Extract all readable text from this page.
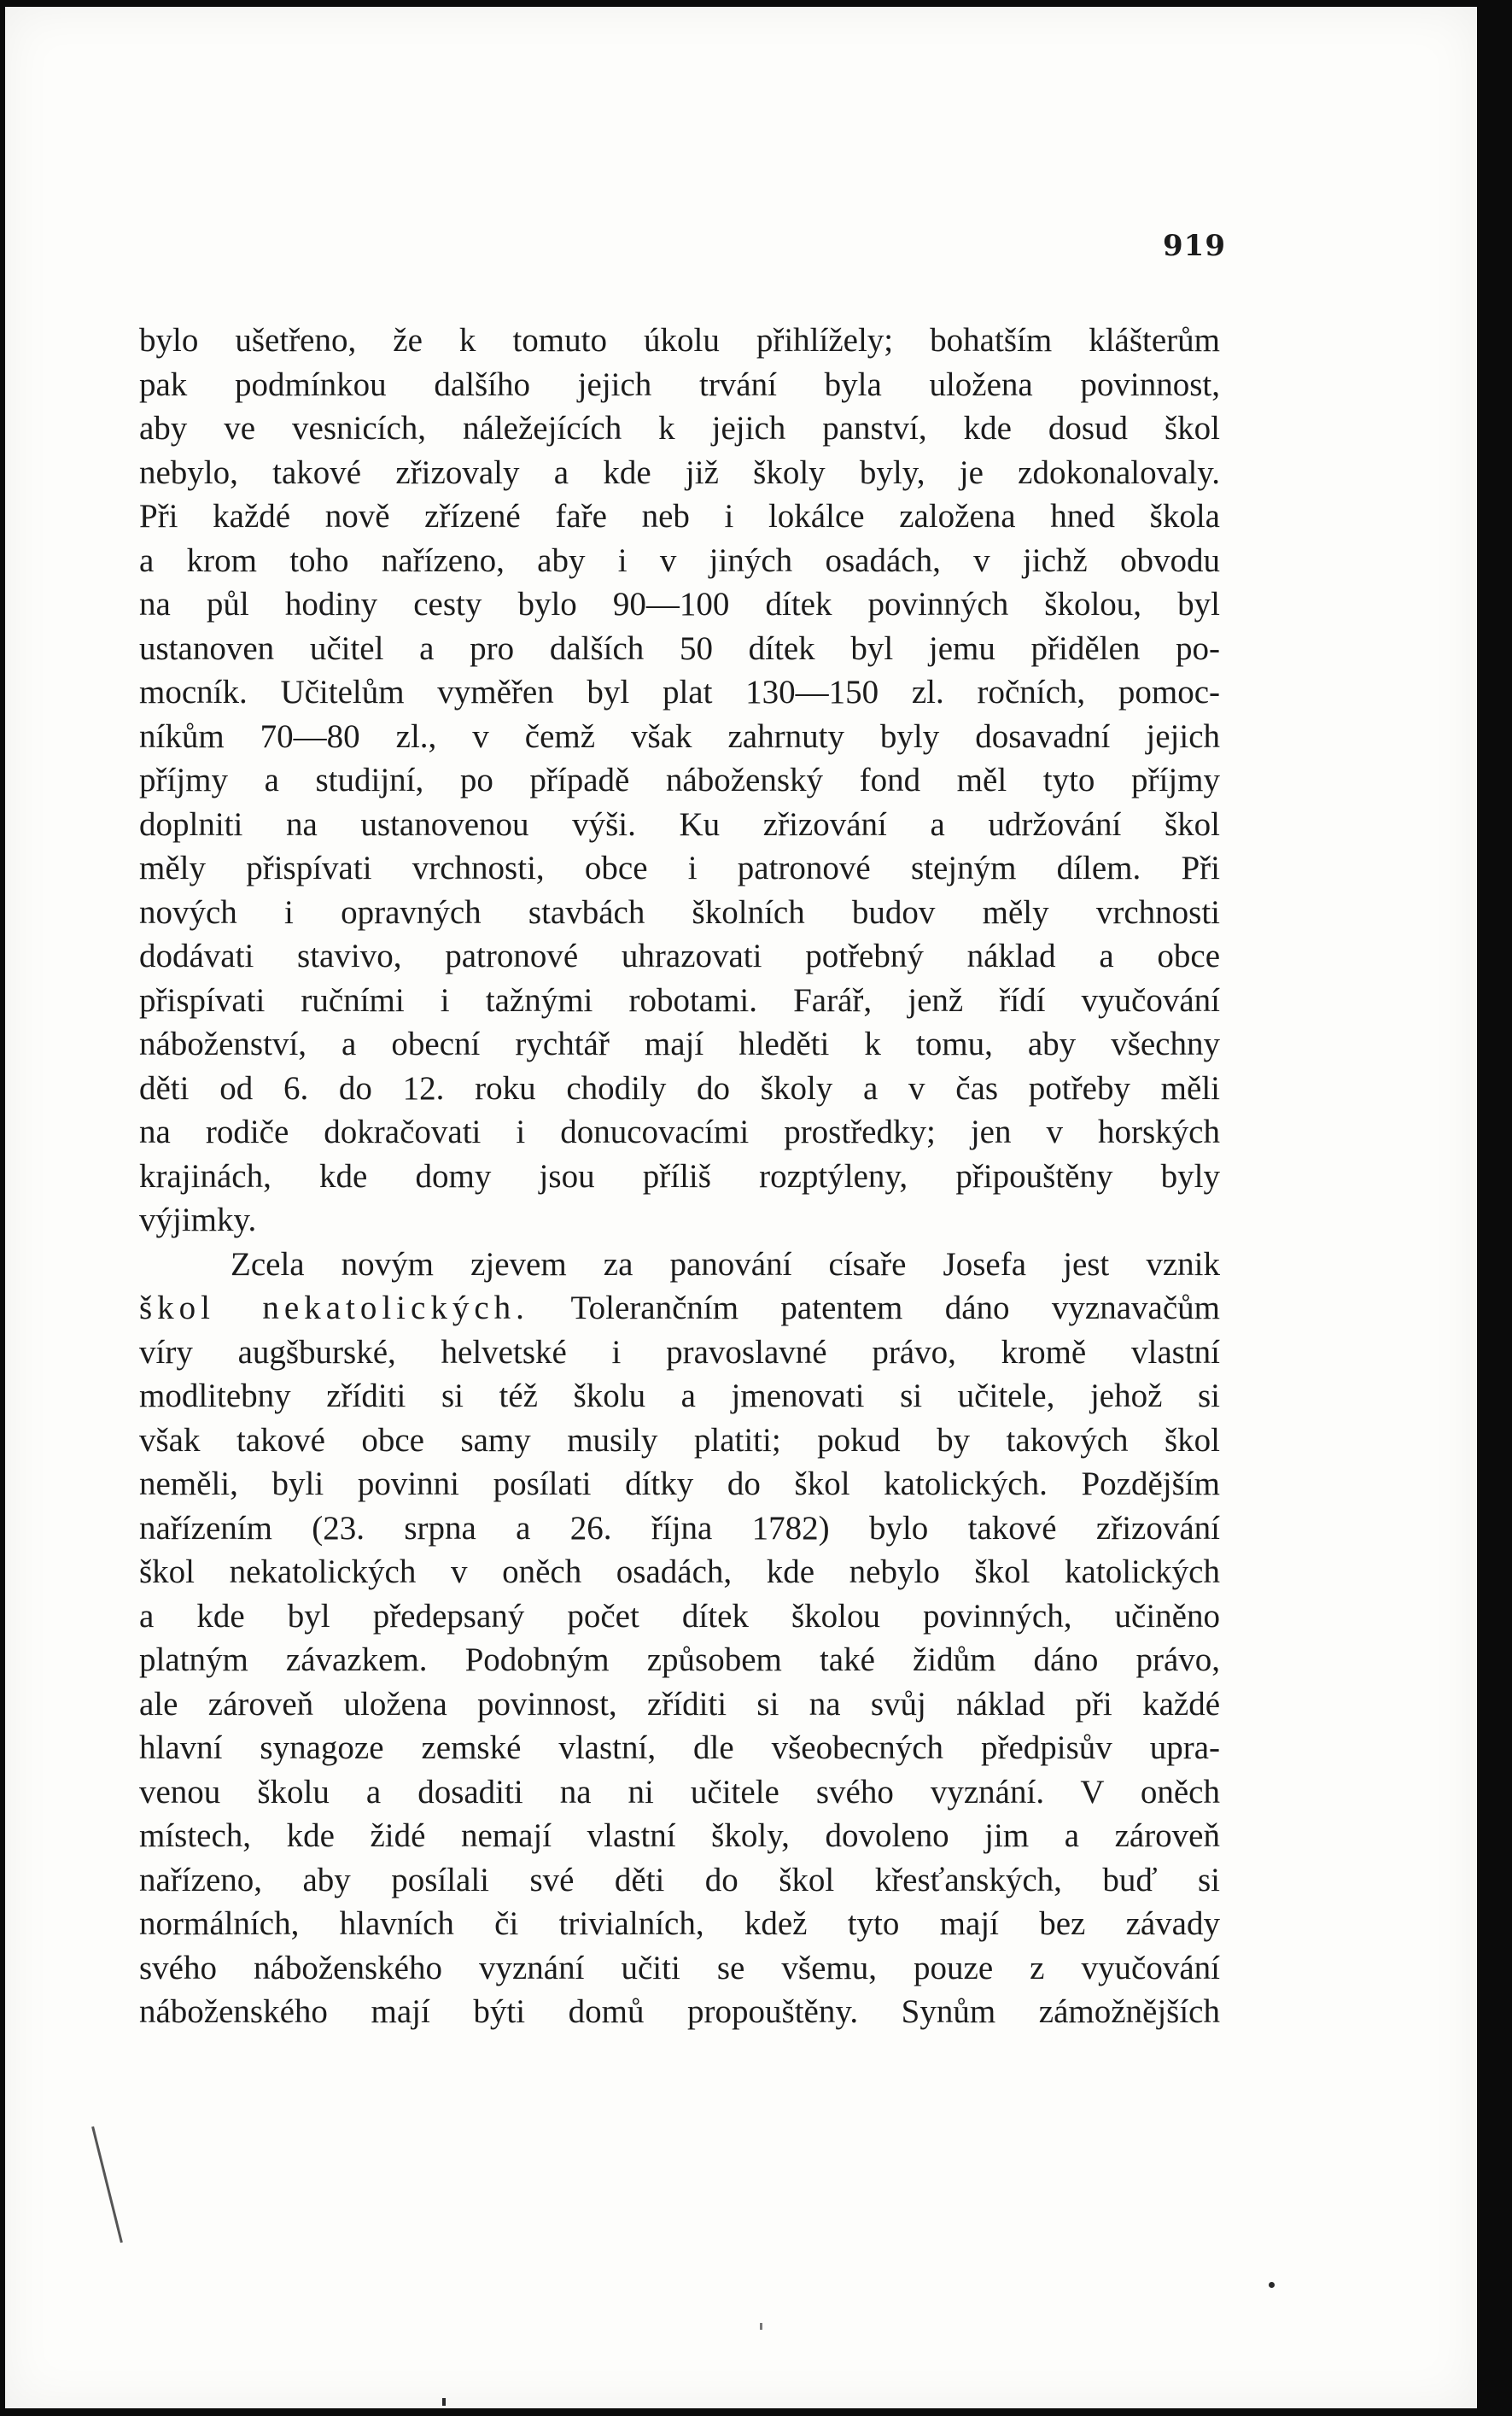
919
bylo ušetřeno, že k tomuto úkolu přihlížely; bohatším klášterům
pak podmínkou dalšího jejich trvání byla uložena povinnost,
aby ve vesnicích, náležejících k jejich panství, kde dosud škol
nebylo, takové zřizovaly a kde již školy byly, je zdokonalovaly.
Při každé nově zřízené faře neb i lokálce založena hned škola
a krom toho nařízeno, aby i v jiných osadách, v jichž obvodu
na půl hodiny cesty bylo 90—100 dítek povinných školou, byl
ustanoven učitel a pro dalších 50 dítek byl jemu přidělen po-
mocník. Učitelům vyměřen byl plat 130—150 zl. ročních, pomoc-
níkům 70—80 zl., v čemž však zahrnuty byly dosavadní jejich
příjmy a studijní, po případě náboženský fond měl tyto příjmy
doplniti na ustanovenou výši. Ku zřizování a udržování škol
měly přispívati vrchnosti, obce i patronové stejným dílem. Při
nových i opravných stavbách školních budov měly vrchnosti
dodávati stavivo, patronové uhrazovati potřebný náklad a obce
přispívati ručními i tažnými robotami. Farář, jenž řídí vyučování
náboženství, a obecní rychtář mají hleděti k tomu, aby všechny
děti od 6. do 12. roku chodily do školy a v čas potřeby měli
na rodiče dokračovati i donucovacími prostředky; jen v horských
krajinách, kde domy jsou příliš rozptýleny, připouštěny byly
výjimky.
Zcela novým zjevem za panování císaře Josefa jest vznik
škol nekatolických. Tolerančním patentem dáno vyznavačům
víry augšburské, helvetské i pravoslavné právo, kromě vlastní
modlitebny zříditi si též školu a jmenovati si učitele, jehož si
však takové obce samy musily platiti; pokud by takových škol
neměli, byli povinni posílati dítky do škol katolických. Pozdějším
nařízením (23. srpna a 26. října 1782) bylo takové zřizování
škol nekatolických v oněch osadách, kde nebylo škol katolických
a kde byl předepsaný počet dítek školou povinných, učiněno
platným závazkem. Podobným způsobem také židům dáno právo,
ale zároveň uložena povinnost, zříditi si na svůj náklad při každé
hlavní synagoze zemské vlastní, dle všeobecných předpisův upra-
venou školu a dosaditi na ni učitele svého vyznání. V oněch
místech, kde židé nemají vlastní školy, dovoleno jim a zároveň
nařízeno, aby posílali své děti do škol křesťanských, buď si
normálních, hlavních či trivialních, kdež tyto mají bez závady
svého náboženského vyznání učiti se všemu, pouze z vyučování
náboženského mají býti domů propouštěny. Synům zámožnějších
